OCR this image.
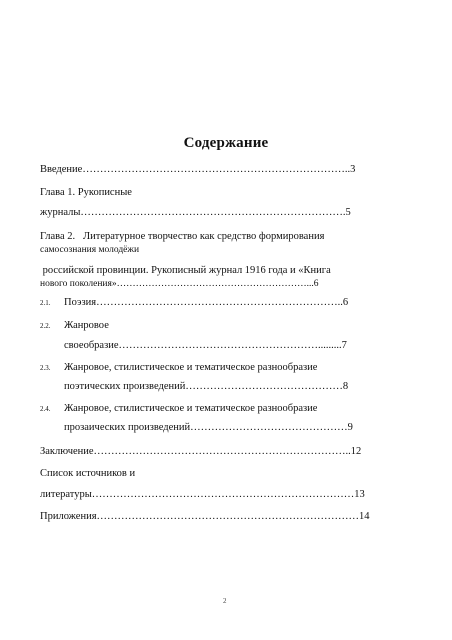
Содержание
Введение…………………………………………………………………..3
Глава 1. Рукописные
журналы………………………………………………………………….5
Глава 2.   Литературное творчество как средство формирования
самосознания молодёжи
российской провинции. Рукописный журнал 1916 года и «Книга
нового поколения»……………………………………………………...6
2.1. Поэзия……………………………………………………………..6
2.2. Жанровое
своеобразие………………………………………………….........7
2.3. Жанровое, стилистическое и тематическое разнообразие
поэтических произведений………………………………………8
2.4. Жанровое, стилистическое и тематическое разнообразие
прозаических произведений………………………………………9
Заключение………………………………………………………………..12
Список источников и
литературы…………………………………………………………………13
Приложения…………………………………………………………………14
2
